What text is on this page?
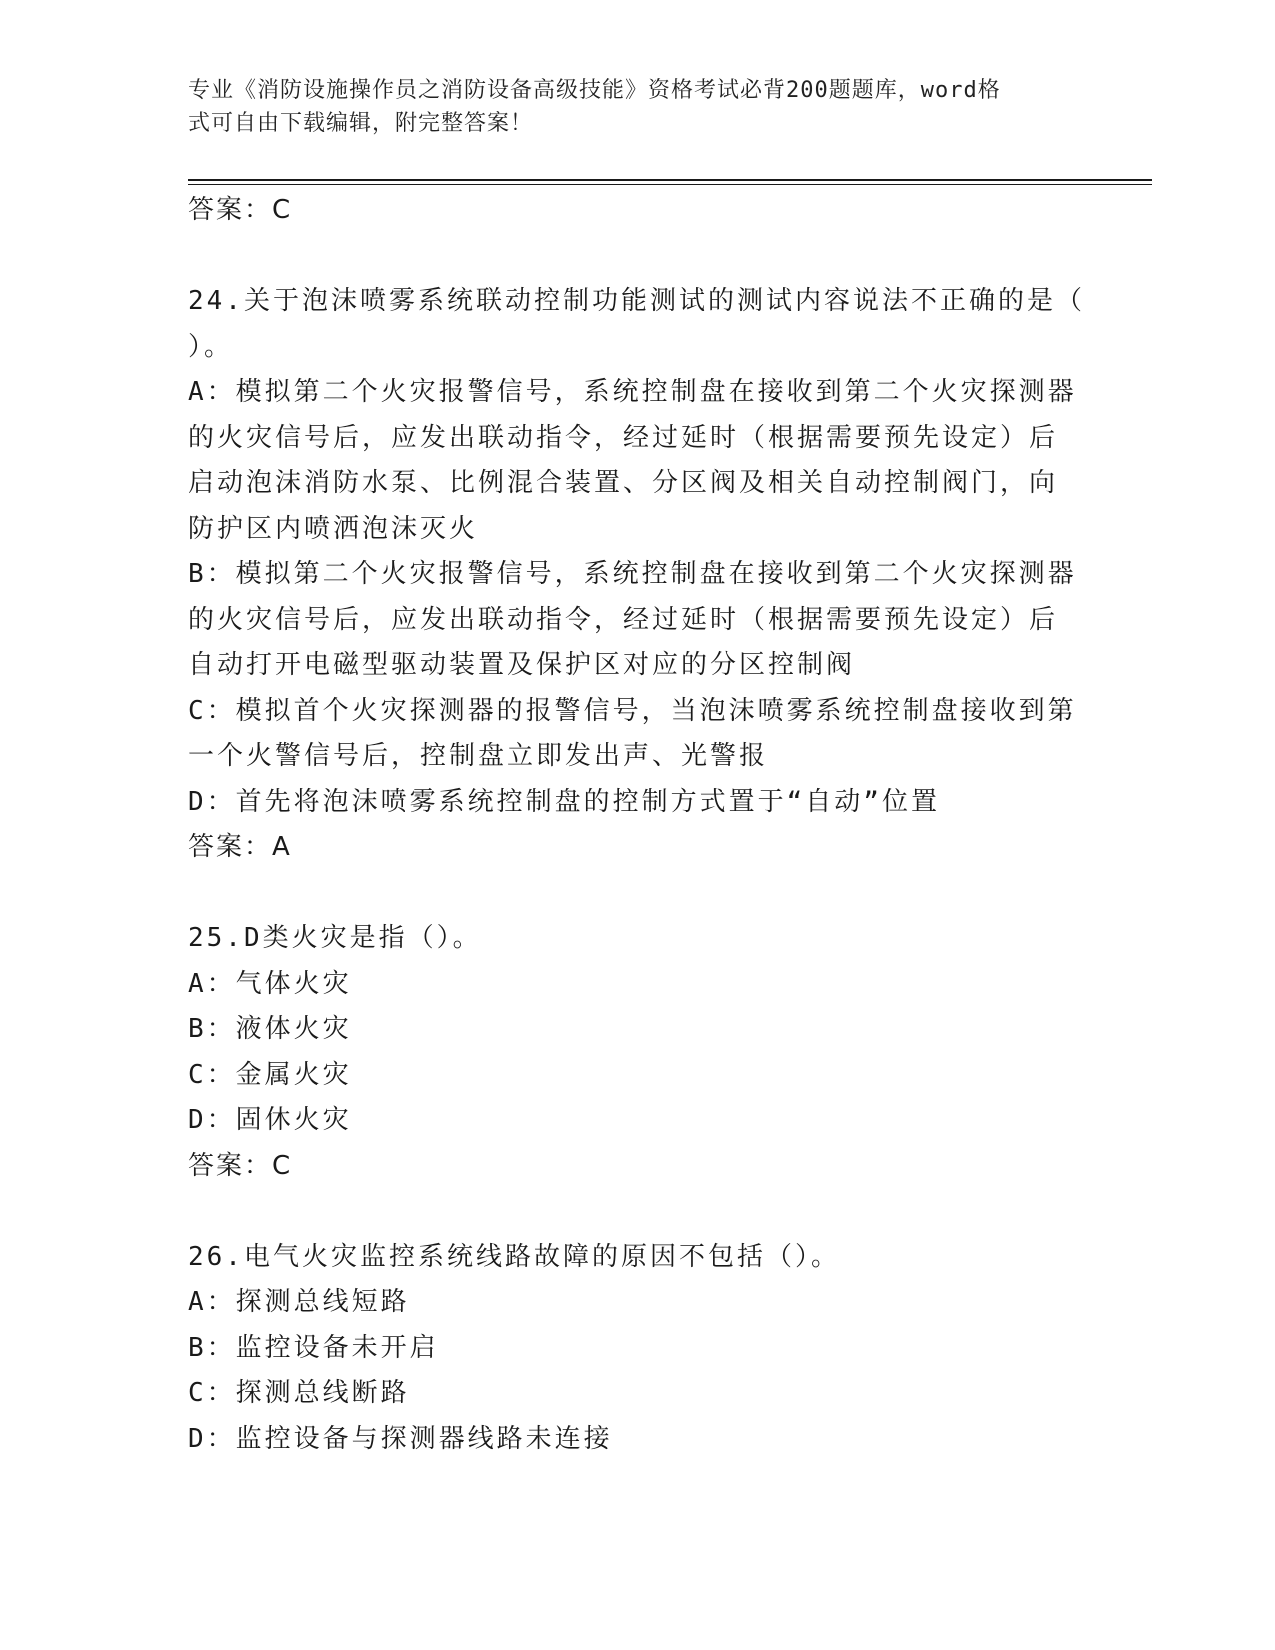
专业《消防设施操作员之消防设备高级技能》资格考试必背200题题库，word格
式可自由下载编辑，附完整答案！
答案：C
24.关于泡沫喷雾系统联动控制功能测试的测试内容说法不正确的是（
）。
A：模拟第二个火灾报警信号，系统控制盘在接收到第二个火灾探测器
的火灾信号后，应发出联动指令，经过延时（根据需要预先设定）后
启动泡沫消防水泵、比例混合装置、分区阀及相关自动控制阀门，向
防护区内喷洒泡沫灭火
B：模拟第二个火灾报警信号，系统控制盘在接收到第二个火灾探测器
的火灾信号后，应发出联动指令，经过延时（根据需要预先设定）后
自动打开电磁型驱动装置及保护区对应的分区控制阀
C：模拟首个火灾探测器的报警信号，当泡沫喷雾系统控制盘接收到第
一个火警信号后，控制盘立即发出声、光警报
D：首先将泡沫喷雾系统控制盘的控制方式置于“自动”位置
答案：A
25.D类火灾是指（）。
A：气体火灾
B：液体火灾
C：金属火灾
D：固休火灾
答案：C
26.电气火灾监控系统线路故障的原因不包括（）。
A：探测总线短路
B：监控设备未开启
C：探测总线断路
D：监控设备与探测器线路未连接
